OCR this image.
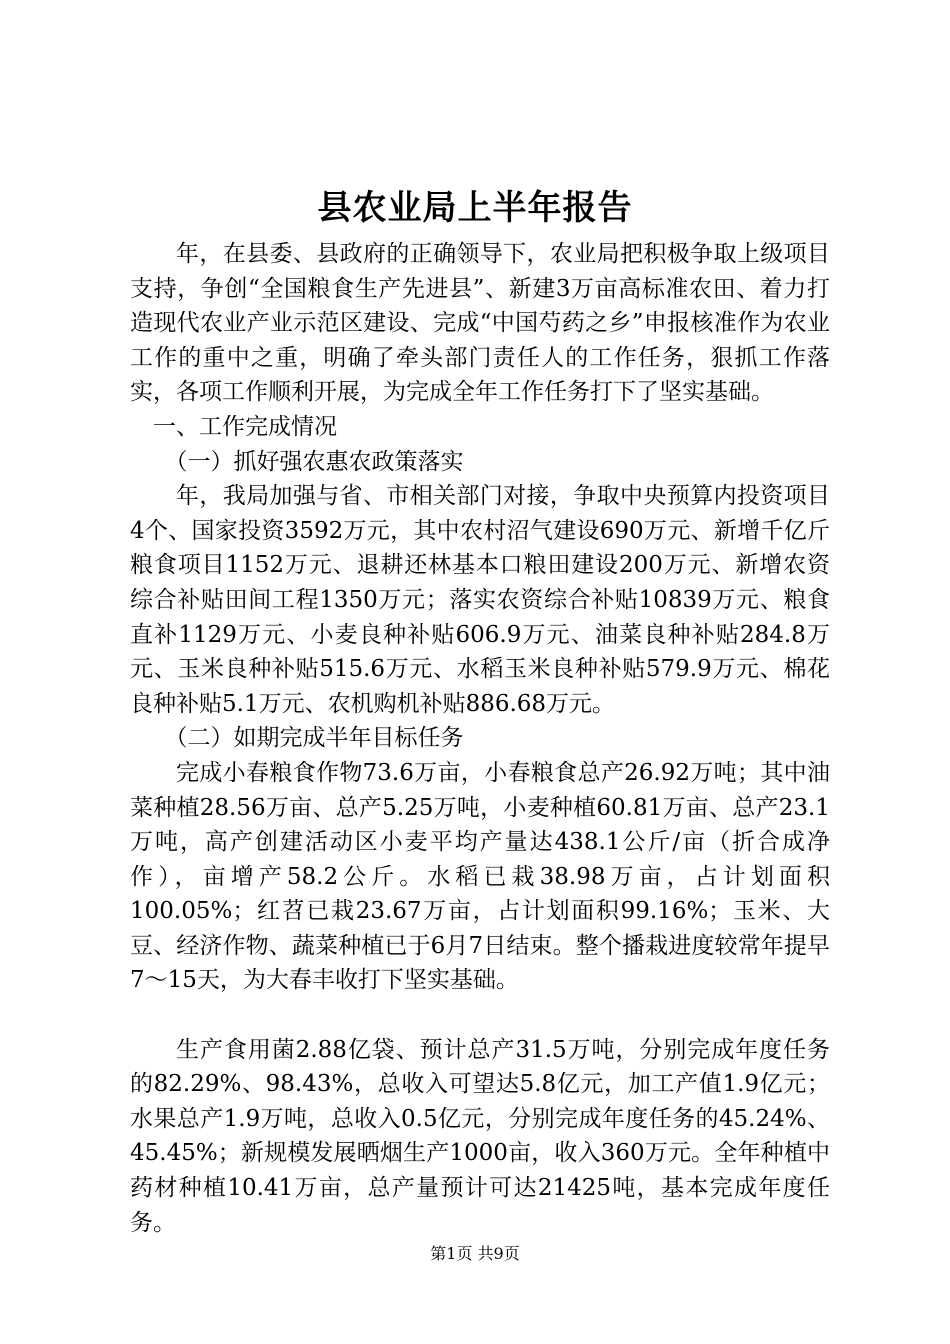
县农业局上半年报告

年，在县委、县政府的正确领导下，农业局把积极争取上级项目支持，争创“全国粮食生产先进县”、新建3万亩高标准农田、着力打造现代农业产业示范区建设、完成“中国芍药之乡”申报核准作为农业工作的重中之重，明确了牵头部门责任人的工作任务，狠抓工作落实，各项工作顺利开展，为完成全年工作任务打下了坚实基础。

一、工作完成情况

（一）抓好强农惠农政策落实

年，我局加强与省、市相关部门对接，争取中央预算内投资项目4个、国家投资3592万元，其中农村沼气建设690万元、新增千亿斤粮食项目1152万元、退耕还林基本口粮田建设200万元、新增农资综合补贴田间工程1350万元；落实农资综合补贴10839万元、粮食直补1129万元、小麦良种补贴606.9万元、油菜良种补贴284.8万元、玉米良种补贴515.6万元、水稻玉米良种补贴579.9万元、棉花良种补贴5.1万元、农机购机补贴886.68万元。

（二）如期完成半年目标任务

完成小春粮食作物73.6万亩，小春粮食总产26.92万吨；其中油菜种植28.56万亩、总产5.25万吨，小麦种植60.81万亩、总产23.1万吨，高产创建活动区小麦平均产量达438.1公斤/亩（折合成净作），亩增产58.2公斤。水稻已栽38.98万亩，占计划面积100.05%；红苕已栽23.67万亩，占计划面积99.16%；玉米、大豆、经济作物、蔬菜种植已于6月7日结束。整个播栽进度较常年提早7～15天，为大春丰收打下坚实基础。

生产食用菌2.88亿袋、预计总产31.5万吨，分别完成年度任务的82.29%、98.43%，总收入可望达5.8亿元，加工产值1.9亿元；水果总产1.9万吨，总收入0.5亿元，分别完成年度任务的45.24%、45.45%；新规模发展晒烟生产1000亩，收入360万元。全年种植中药材种植10.41万亩，总产量预计可达21425吨，基本完成年度任务。

第1页 共9页
